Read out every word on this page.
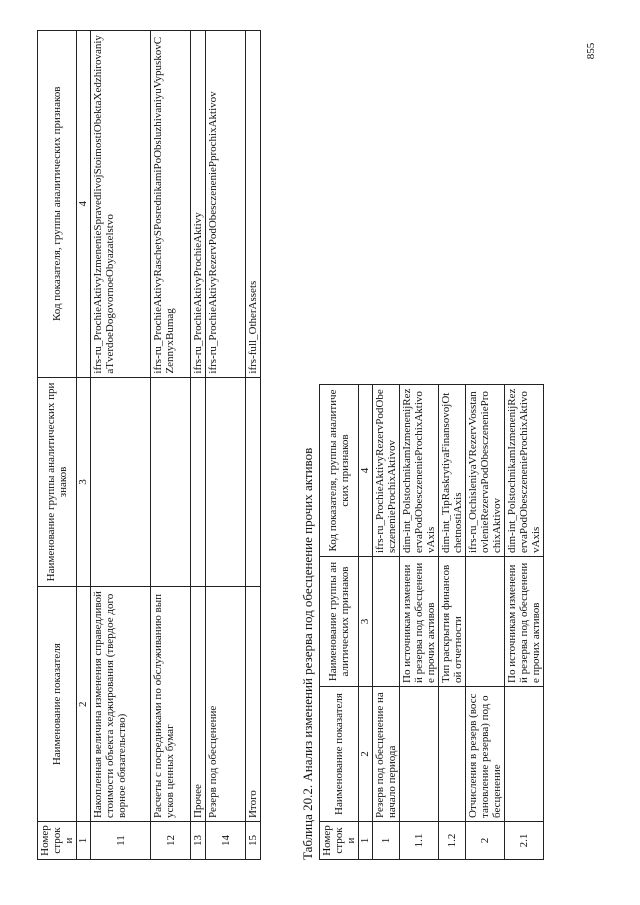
855
Номер строки	Наименование показателя	Наименование группы аналитических признаков	Код показателя, группы аналитических признаков
1	2	3	4
11	Накопленная величина изменения справедливой стоимости объекта хеджирования (твердое договорное обязательство)		ifrs-ru_ProchieAktivyIzmenenieSpravedlivojStoimostiObektaXedzhirovaniyaTverdoeDogovornoeObyazatelstvo
12	Расчеты с посредниками по обслуживанию выпусков ценных бумаг		ifrs-ru_ProchieAktivyRaschetySPosrednikamiPoObsluzhivaniyuVypuskovCZennyxBumag
13	Прочее		ifrs-ru_ProchieAktivyProchieAktivy
14	Резерв под обесценение		ifrs-ru_ProchieAktivyRezervPodObesczeneniePprochixAktivov
15	Итого		ifrs-full_OtherAssets
Таблица 20.2. Анализ изменений резерва под обесценение прочих активов Номер строки	Наименование показателя	Наименование группы аналитических признаков	Код показателя, группы аналитических признаков
1	2	3	4
1	Резерв под обесценение на начало периода		ifrs-ru_ProchieAktivyRezervPodObesczenenieProchixAktivov
1.1		По источникам изменений резерва под обесценение прочих активов	dim-int_PolstochnikamIzmenenijRezervaPodObesczenenieProchixAktivovAxis
1.2		Тип раскрытия финансовой отчетности	dim-int_TipRaskrytiyaFinansovojOtchetnostiAxis
2	Отчисления в резерв (восстановление резерва) под обесценение		ifrs-ru_OtchisleniyaVRezervVosstanovlenieRezervaPodObesczenenieProchixAktivov
2.1		По источникам изменений резерва под обесценение прочих активов	dim-int_PolstochnikamIzmenenijRezervaPodObesczenenieProchixAktivovAxis
